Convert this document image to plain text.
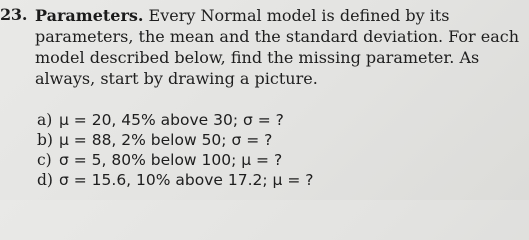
23. Parameters. Every Normal model is defined by its parameters, the mean and the standard deviation. For each model described below, find the missing parameter. As always, start by drawing a picture.
a) μ = 20, 45% above 30; σ = ?
b) μ = 88, 2% below 50; σ = ?
c) σ = 5, 80% below 100; μ = ?
d) σ = 15.6, 10% above 17.2; μ = ?
